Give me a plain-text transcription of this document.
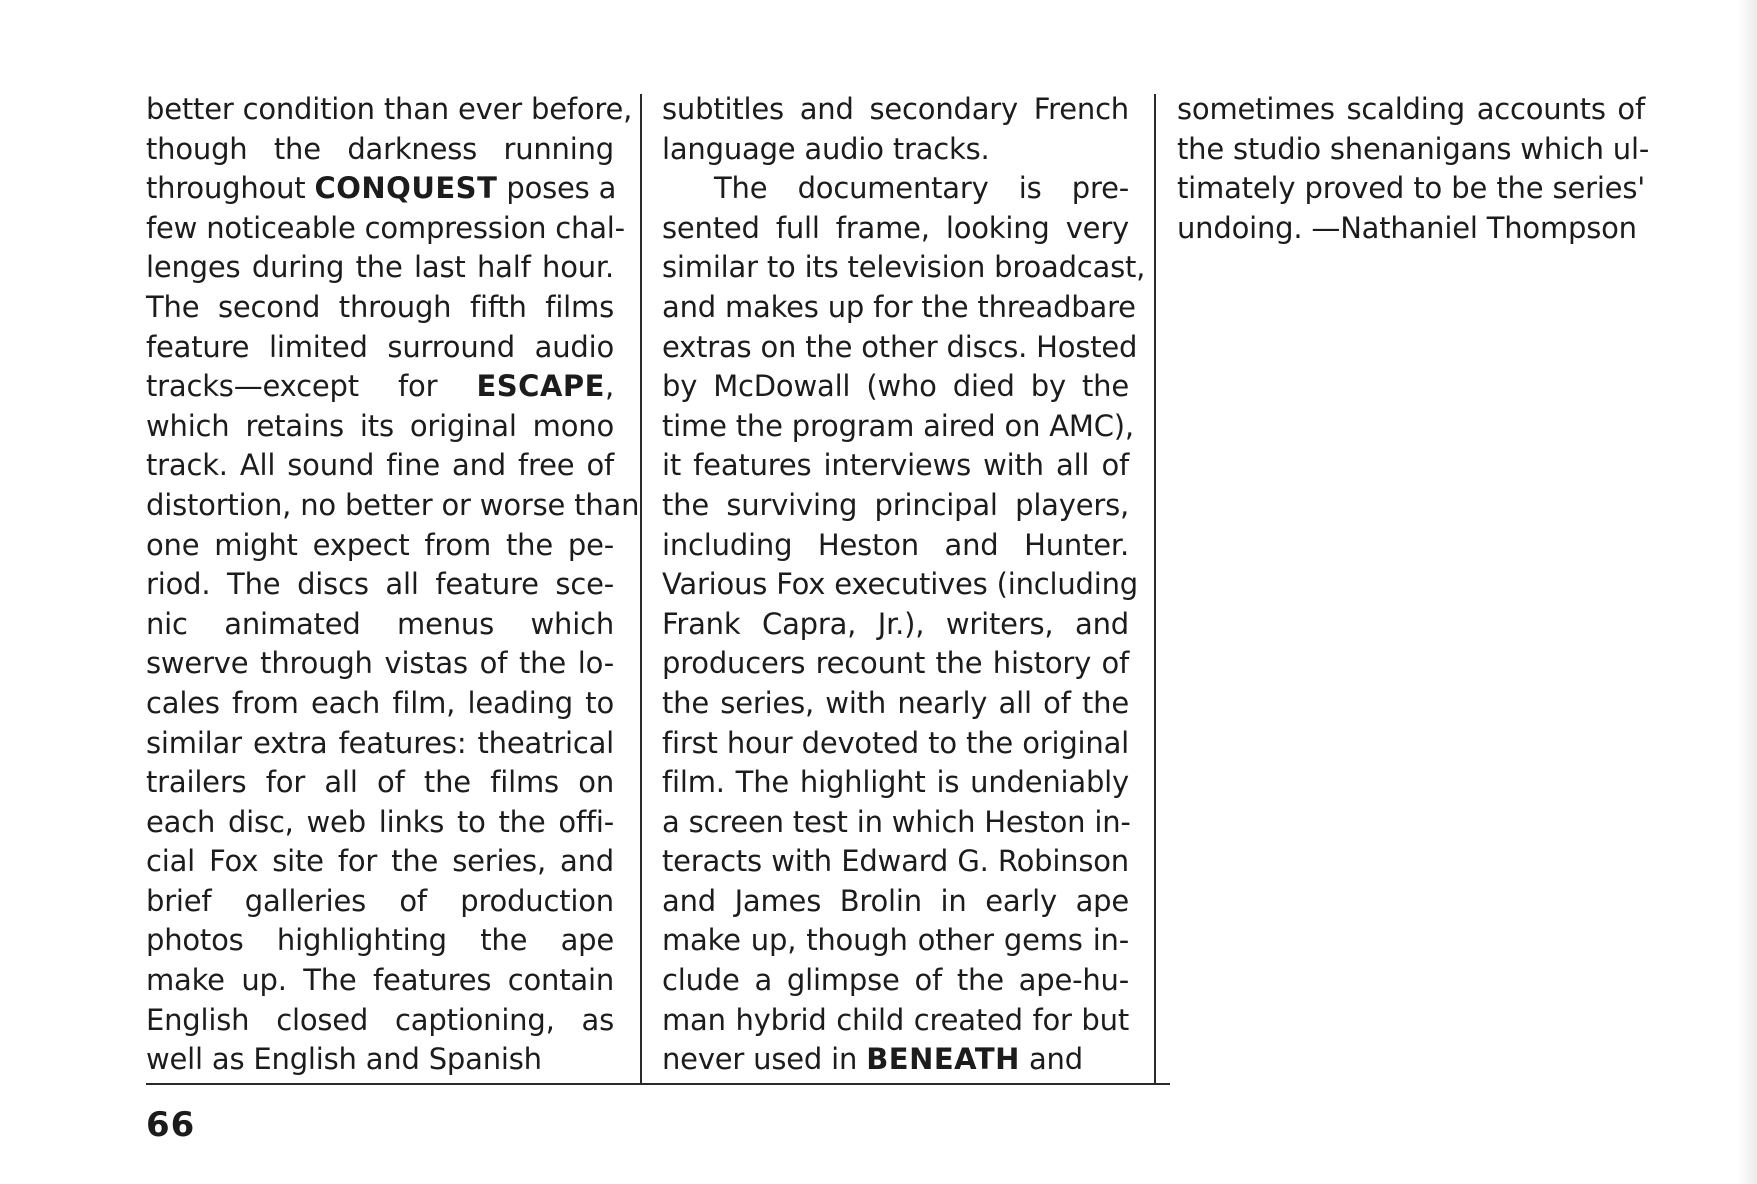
better condition than ever before,
though the darkness running
throughout CONQUEST poses a
few noticeable compression chal-
lenges during the last half hour.
The second through fifth films
feature limited surround audio
tracks—except for ESCAPE,
which retains its original mono
track. All sound fine and free of
distortion, no better or worse than
one might expect from the pe-
riod. The discs all feature sce-
nic animated menus which
swerve through vistas of the lo-
cales from each film, leading to
similar extra features: theatrical
trailers for all of the films on
each disc, web links to the offi-
cial Fox site for the series, and
brief galleries of production
photos highlighting the ape
make up. The features contain
English closed captioning, as
well as English and Spanish
subtitles and secondary French
language audio tracks.
The documentary is pre-
sented full frame, looking very
similar to its television broadcast,
and makes up for the threadbare
extras on the other discs. Hosted
by McDowall (who died by the
time the program aired on AMC),
it features interviews with all of
the surviving principal players,
including Heston and Hunter.
Various Fox executives (including
Frank Capra, Jr.), writers, and
producers recount the history of
the series, with nearly all of the
first hour devoted to the original
film. The highlight is undeniably
a screen test in which Heston in-
teracts with Edward G. Robinson
and James Brolin in early ape
make up, though other gems in-
clude a glimpse of the ape-hu-
man hybrid child created for but
never used in BENEATH and
sometimes scalding accounts of
the studio shenanigans which ul-
timately proved to be the series'
undoing. —Nathaniel Thompson
66
